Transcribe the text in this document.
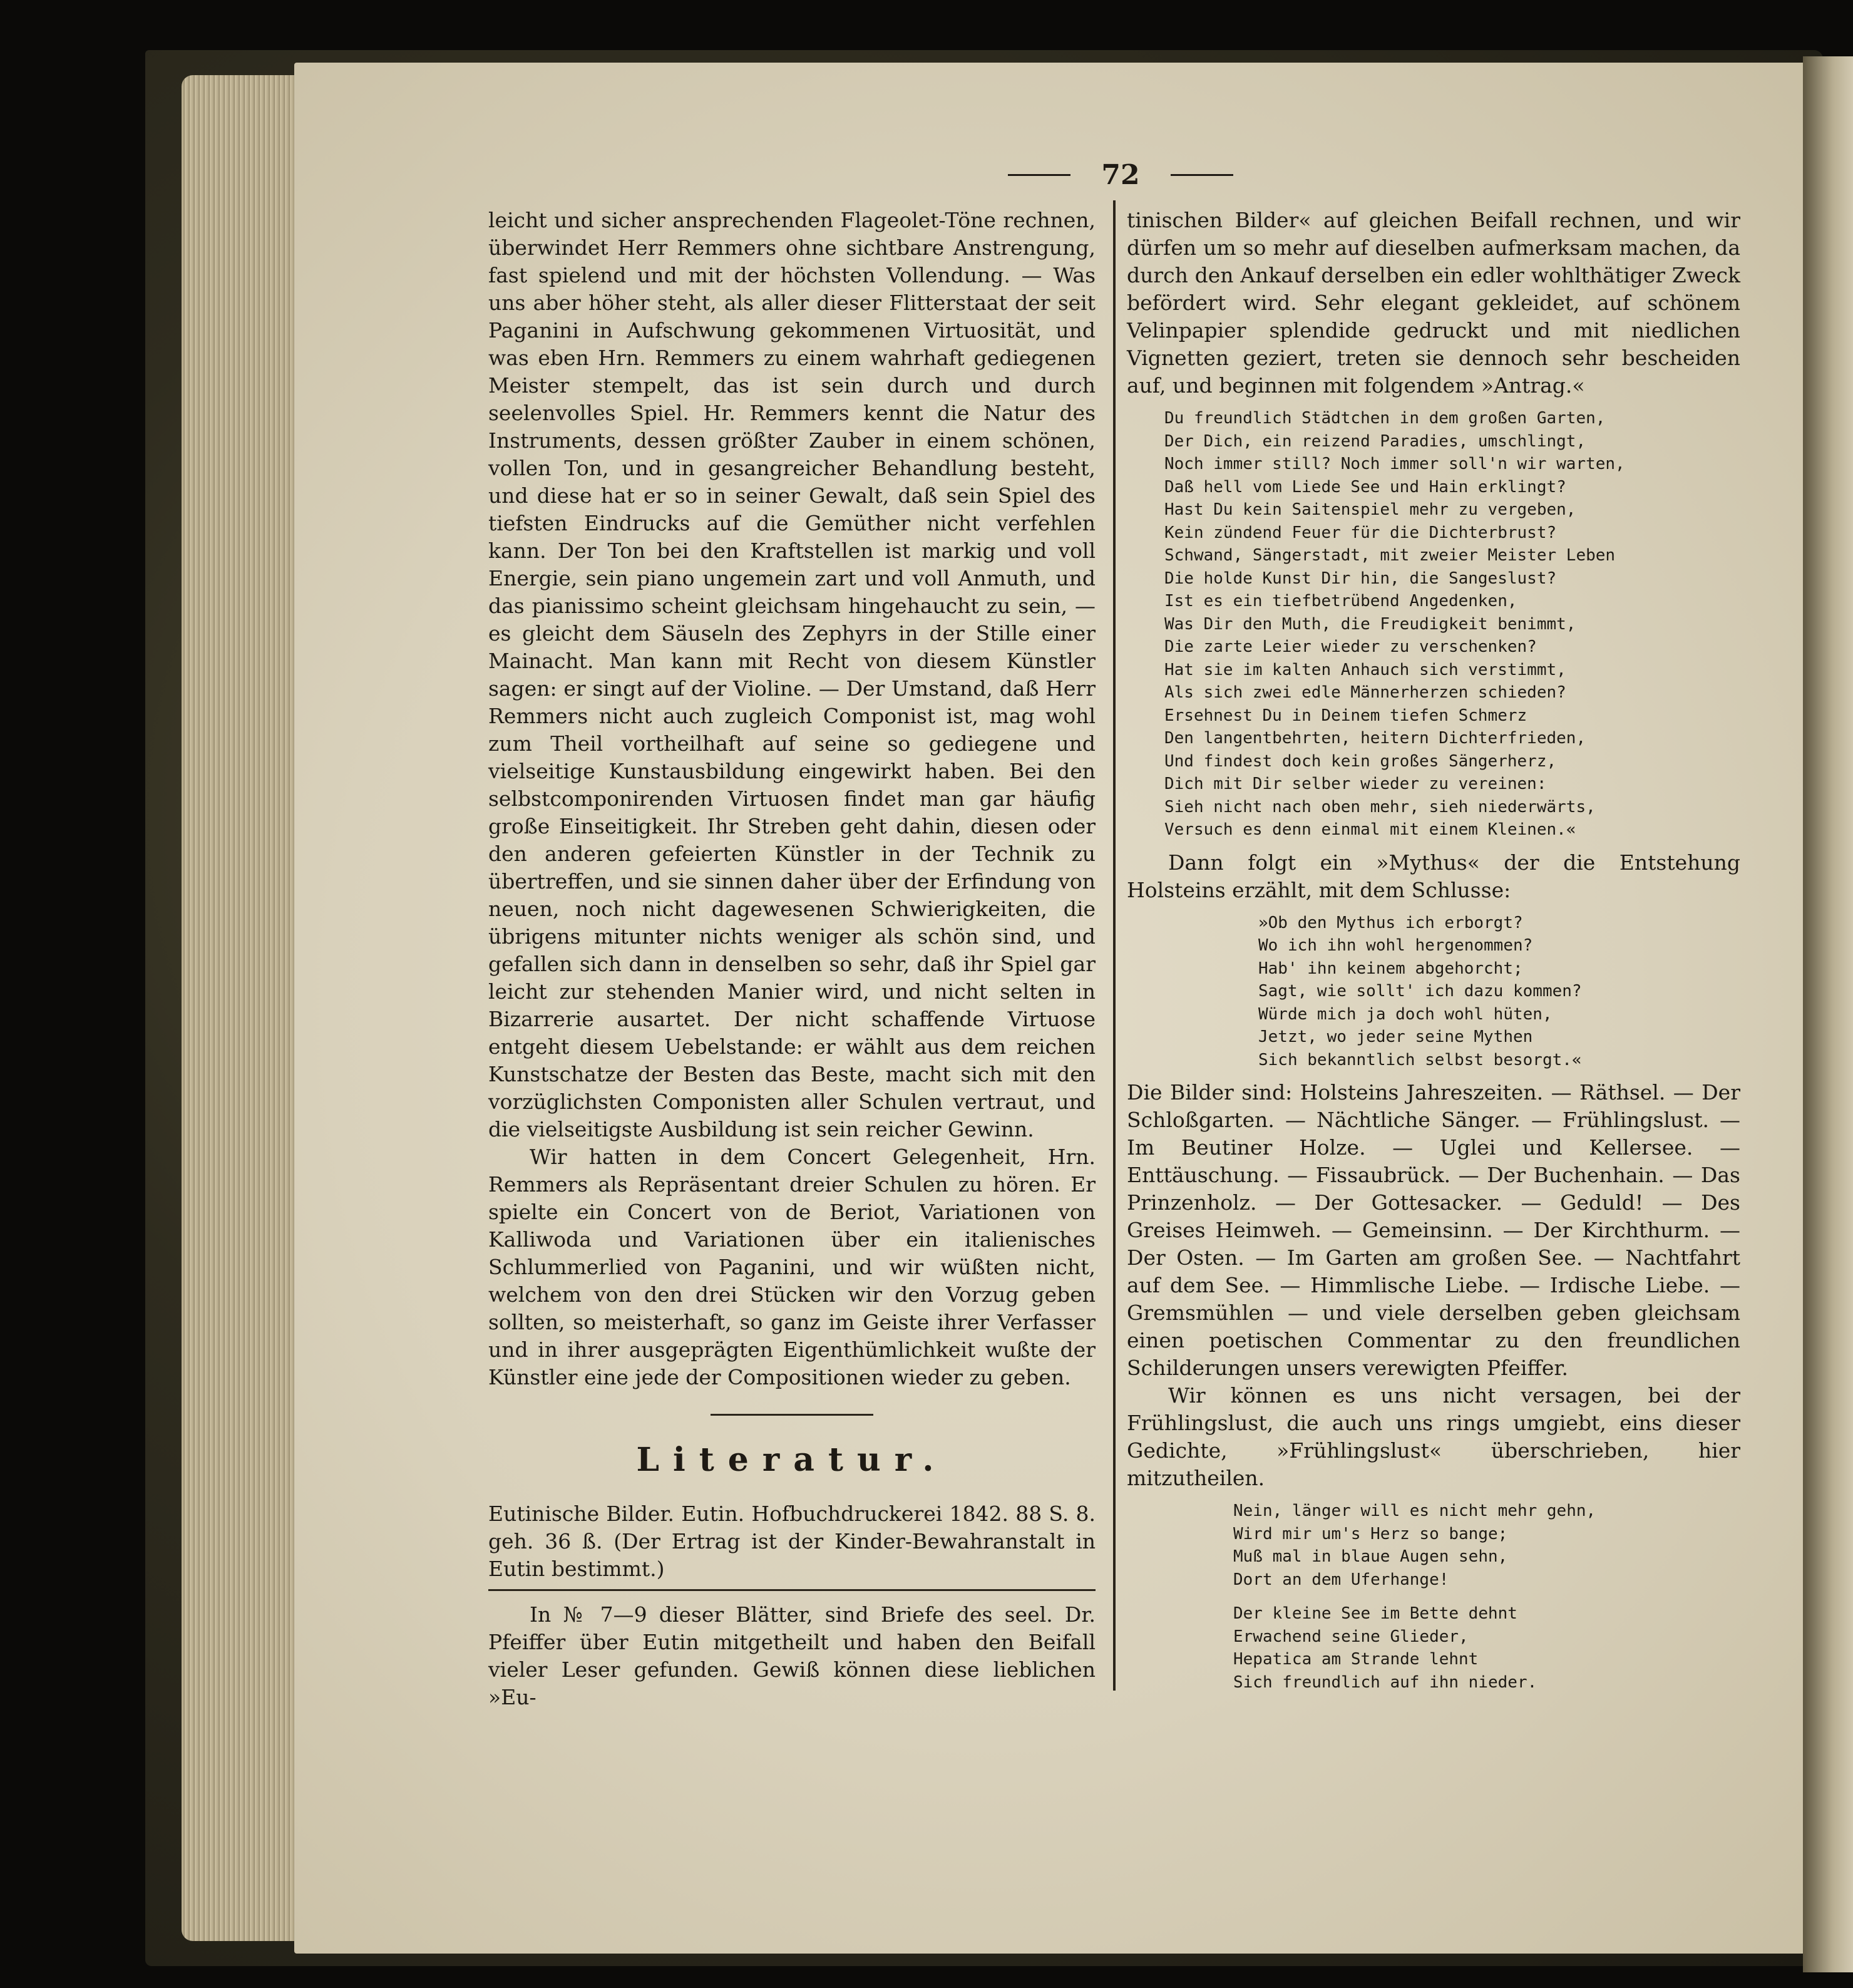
72

leicht und sicher ansprechenden Flageolet-Töne rechnen, überwindet Herr Remmers ohne sichtbare Anstrengung, fast spielend und mit der höchsten Vollendung. — Was uns aber höher steht, als aller dieser Flitterstaat der seit Paganini in Aufschwung gekommenen Virtuosität, und was eben Hrn. Remmers zu einem wahrhaft gediegenen Meister stempelt, das ist sein durch und durch seelenvolles Spiel. Hr. Remmers kennt die Natur des Instruments, dessen größter Zauber in einem schönen, vollen Ton, und in gesangreicher Behandlung besteht, und diese hat er so in seiner Gewalt, daß sein Spiel des tiefsten Eindrucks auf die Gemüther nicht verfehlen kann. Der Ton bei den Kraftstellen ist markig und voll Energie, sein piano ungemein zart und voll Anmuth, und das pianissimo scheint gleichsam hingehaucht zu sein, — es gleicht dem Säuseln des Zephyrs in der Stille einer Mainacht. Man kann mit Recht von diesem Künstler sagen: er singt auf der Violine. — Der Umstand, daß Herr Remmers nicht auch zugleich Componist ist, mag wohl zum Theil vortheilhaft auf seine so gediegene und vielseitige Kunstausbildung eingewirkt haben. Bei den selbstcomponirenden Virtuosen findet man gar häufig große Einseitigkeit. Ihr Streben geht dahin, diesen oder den anderen gefeierten Künstler in der Technik zu übertreffen, und sie sinnen daher über der Erfindung von neuen, noch nicht dagewesenen Schwierigkeiten, die übrigens mitunter nichts weniger als schön sind, und gefallen sich dann in denselben so sehr, daß ihr Spiel gar leicht zur stehenden Manier wird, und nicht selten in Bizarrerie ausartet. Der nicht schaffende Virtuose entgeht diesem Uebelstande: er wählt aus dem reichen Kunstschatze der Besten das Beste, macht sich mit den vorzüglichsten Componisten aller Schulen vertraut, und die vielseitigste Ausbildung ist sein reicher Gewinn.

Wir hatten in dem Concert Gelegenheit, Hrn. Remmers als Repräsentant dreier Schulen zu hören. Er spielte ein Concert von de Beriot, Variationen von Kalliwoda und Variationen über ein italienisches Schlummerlied von Paganini, und wir wüßten nicht, welchem von den drei Stücken wir den Vorzug geben sollten, so meisterhaft, so ganz im Geiste ihrer Verfasser und in ihrer ausgeprägten Eigenthümlichkeit wußte der Künstler eine jede der Compositionen wieder zu geben.

Literatur.

Eutinische Bilder. Eutin. Hofbuchdruckerei 1842. 88 S. 8. geh. 36 ß. (Der Ertrag ist der Kinder-Bewahranstalt in Eutin bestimmt.)

In № 7—9 dieser Blätter, sind Briefe des seel. Dr. Pfeiffer über Eutin mitgetheilt und haben den Beifall vieler Leser gefunden. Gewiß können diese lieblichen »Eu-

tinischen Bilder« auf gleichen Beifall rechnen, und wir dürfen um so mehr auf dieselben aufmerksam machen, da durch den Ankauf derselben ein edler wohlthätiger Zweck befördert wird. Sehr elegant gekleidet, auf schönem Velinpapier splendide gedruckt und mit niedlichen Vignetten geziert, treten sie dennoch sehr bescheiden auf, und beginnen mit folgendem »Antrag.«

Du freundlich Städtchen in dem großen Garten,
Der Dich, ein reizend Paradies, umschlingt,
Noch immer still? Noch immer soll'n wir warten,
Daß hell vom Liede See und Hain erklingt?
Hast Du kein Saitenspiel mehr zu vergeben,
Kein zündend Feuer für die Dichterbrust?
Schwand, Sängerstadt, mit zweier Meister Leben
Die holde Kunst Dir hin, die Sangeslust?
Ist es ein tiefbetrübend Angedenken,
Was Dir den Muth, die Freudigkeit benimmt,
Die zarte Leier wieder zu verschenken?
Hat sie im kalten Anhauch sich verstimmt,
Als sich zwei edle Männerherzen schieden?
Ersehnest Du in Deinem tiefen Schmerz
Den langentbehrten, heitern Dichterfrieden,
Und findest doch kein großes Sängerherz,
Dich mit Dir selber wieder zu vereinen:
Sieh nicht nach oben mehr, sieh niederwärts,
Versuch es denn einmal mit einem Kleinen.«

Dann folgt ein »Mythus« der die Entstehung Holsteins erzählt, mit dem Schlusse:

»Ob den Mythus ich erborgt?
Wo ich ihn wohl hergenommen?
Hab' ihn keinem abgehorcht;
Sagt, wie sollt' ich dazu kommen?
Würde mich ja doch wohl hüten,
Jetzt, wo jeder seine Mythen
Sich bekanntlich selbst besorgt.«

Die Bilder sind: Holsteins Jahreszeiten. — Räthsel. — Der Schloßgarten. — Nächtliche Sänger. — Frühlingslust. — Im Beutiner Holze. — Uglei und Kellersee. — Enttäuschung. — Fissaubrück. — Der Buchenhain. — Das Prinzenholz. — Der Gottesacker. — Geduld! — Des Greises Heimweh. — Gemeinsinn. — Der Kirchthurm. — Der Osten. — Im Garten am großen See. — Nachtfahrt auf dem See. — Himmlische Liebe. — Irdische Liebe. — Gremsmühlen — und viele derselben geben gleichsam einen poetischen Commentar zu den freundlichen Schilderungen unsers verewigten Pfeiffer.

Wir können es uns nicht versagen, bei der Frühlingslust, die auch uns rings umgiebt, eins dieser Gedichte, »Frühlingslust« überschrieben, hier mitzutheilen.

Nein, länger will es nicht mehr gehn,
Wird mir um's Herz so bange;
Muß mal in blaue Augen sehn,
Dort an dem Uferhange!
Der kleine See im Bette dehnt
Erwachend seine Glieder,
Hepatica am Strande lehnt
Sich freundlich auf ihn nieder.
